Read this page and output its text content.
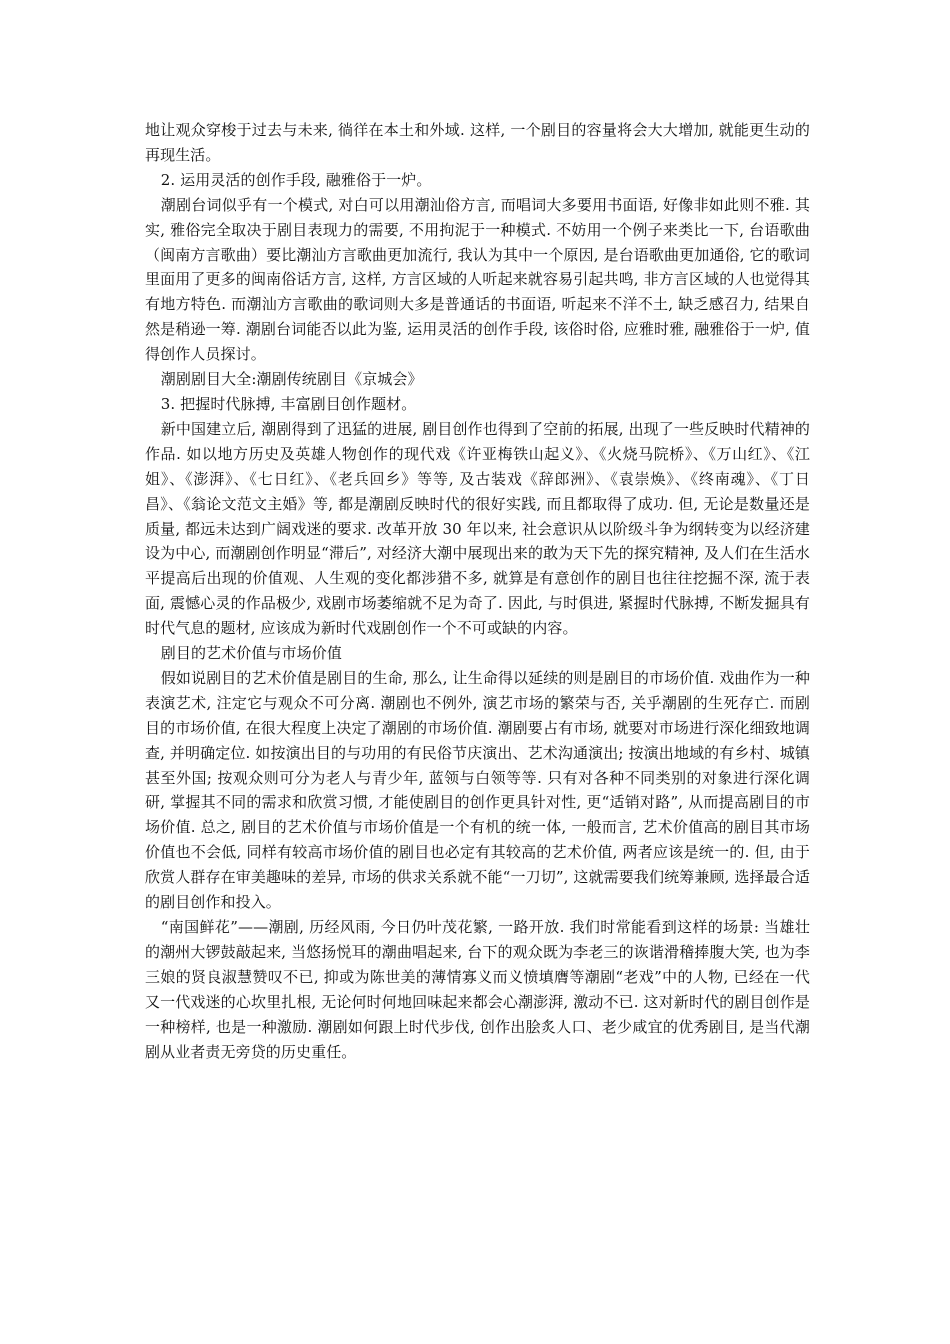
地让观众穿梭于过去与未来, 徜徉在本土和外域. 这样, 一个剧目的容量将会大大增加, 就能更生动的再现生活。

2. 运用灵活的创作手段, 融雅俗于一炉。

潮剧台词似乎有一个模式, 对白可以用潮汕俗方言, 而唱词大多要用书面语, 好像非如此则不雅. 其实, 雅俗完全取决于剧目表现力的需要, 不用拘泥于一种模式. 不妨用一个例子来类比一下, 台语歌曲（闽南方言歌曲）要比潮汕方言歌曲更加流行, 我认为其中一个原因, 是台语歌曲更加通俗, 它的歌词里面用了更多的闽南俗话方言, 这样, 方言区域的人听起来就容易引起共鸣, 非方言区域的人也觉得其有地方特色. 而潮汕方言歌曲的歌词则大多是普通话的书面语, 听起来不洋不土, 缺乏感召力, 结果自然是稍逊一筹. 潮剧台词能否以此为鉴, 运用灵活的创作手段, 该俗时俗, 应雅时雅, 融雅俗于一炉, 值得创作人员探讨。

潮剧剧目大全:潮剧传统剧目《京城会》

3. 把握时代脉搏, 丰富剧目创作题材。

新中国建立后, 潮剧得到了迅猛的进展, 剧目创作也得到了空前的拓展, 出现了一些反映时代精神的作品. 如以地方历史及英雄人物创作的现代戏《许亚梅铁山起义》、《火烧马院桥》、《万山红》、《江姐》、《澎湃》、《七日红》、《老兵回乡》等等, 及古装戏《辞郎洲》、《袁崇焕》、《终南魂》、《丁日昌》、《翁论文范文主婚》等, 都是潮剧反映时代的很好实践, 而且都取得了成功. 但, 无论是数量还是质量, 都远未达到广阔戏迷的要求. 改革开放 30 年以来, 社会意识从以阶级斗争为纲转变为以经济建设为中心, 而潮剧创作明显“滞后”, 对经济大潮中展现出来的敢为天下先的探究精神, 及人们在生活水平提高后出现的价值观、人生观的变化都涉猎不多, 就算是有意创作的剧目也往往挖掘不深, 流于表面, 震憾心灵的作品极少, 戏剧市场萎缩就不足为奇了. 因此, 与时俱进, 紧握时代脉搏, 不断发掘具有时代气息的题材, 应该成为新时代戏剧创作一个不可或缺的内容。

剧目的艺术价值与市场价值

假如说剧目的艺术价值是剧目的生命, 那么, 让生命得以延续的则是剧目的市场价值. 戏曲作为一种表演艺术, 注定它与观众不可分离. 潮剧也不例外, 演艺市场的繁荣与否, 关乎潮剧的生死存亡. 而剧目的市场价值, 在很大程度上决定了潮剧的市场价值. 潮剧要占有市场, 就要对市场进行深化细致地调查, 并明确定位. 如按演出目的与功用的有民俗节庆演出、艺术沟通演出; 按演出地域的有乡村、城镇甚至外国; 按观众则可分为老人与青少年, 蓝领与白领等等. 只有对各种不同类别的对象进行深化调研, 掌握其不同的需求和欣赏习惯, 才能使剧目的创作更具针对性, 更“适销对路”, 从而提高剧目的市场价值. 总之, 剧目的艺术价值与市场价值是一个有机的统一体, 一般而言, 艺术价值高的剧目其市场价值也不会低, 同样有较高市场价值的剧目也必定有其较高的艺术价值, 两者应该是统一的. 但, 由于欣赏人群存在审美趣味的差异, 市场的供求关系就不能“一刀切”, 这就需要我们统筹兼顾, 选择最合适的剧目创作和投入。

“南国鲜花”——潮剧, 历经风雨, 今日仍叶茂花繁, 一路开放. 我们时常能看到这样的场景: 当雄壮的潮州大锣鼓敲起来, 当悠扬悦耳的潮曲唱起来, 台下的观众既为李老三的诙谐滑稽捧腹大笑, 也为李三娘的贤良淑慧赞叹不已, 抑或为陈世美的薄情寡义而义愤填膺等潮剧“老戏”中的人物, 已经在一代又一代戏迷的心坎里扎根, 无论何时何地回味起来都会心潮澎湃, 激动不已. 这对新时代的剧目创作是一种榜样, 也是一种激励. 潮剧如何跟上时代步伐, 创作出脍炙人口、老少咸宜的优秀剧目, 是当代潮剧从业者责无旁贷的历史重任。
